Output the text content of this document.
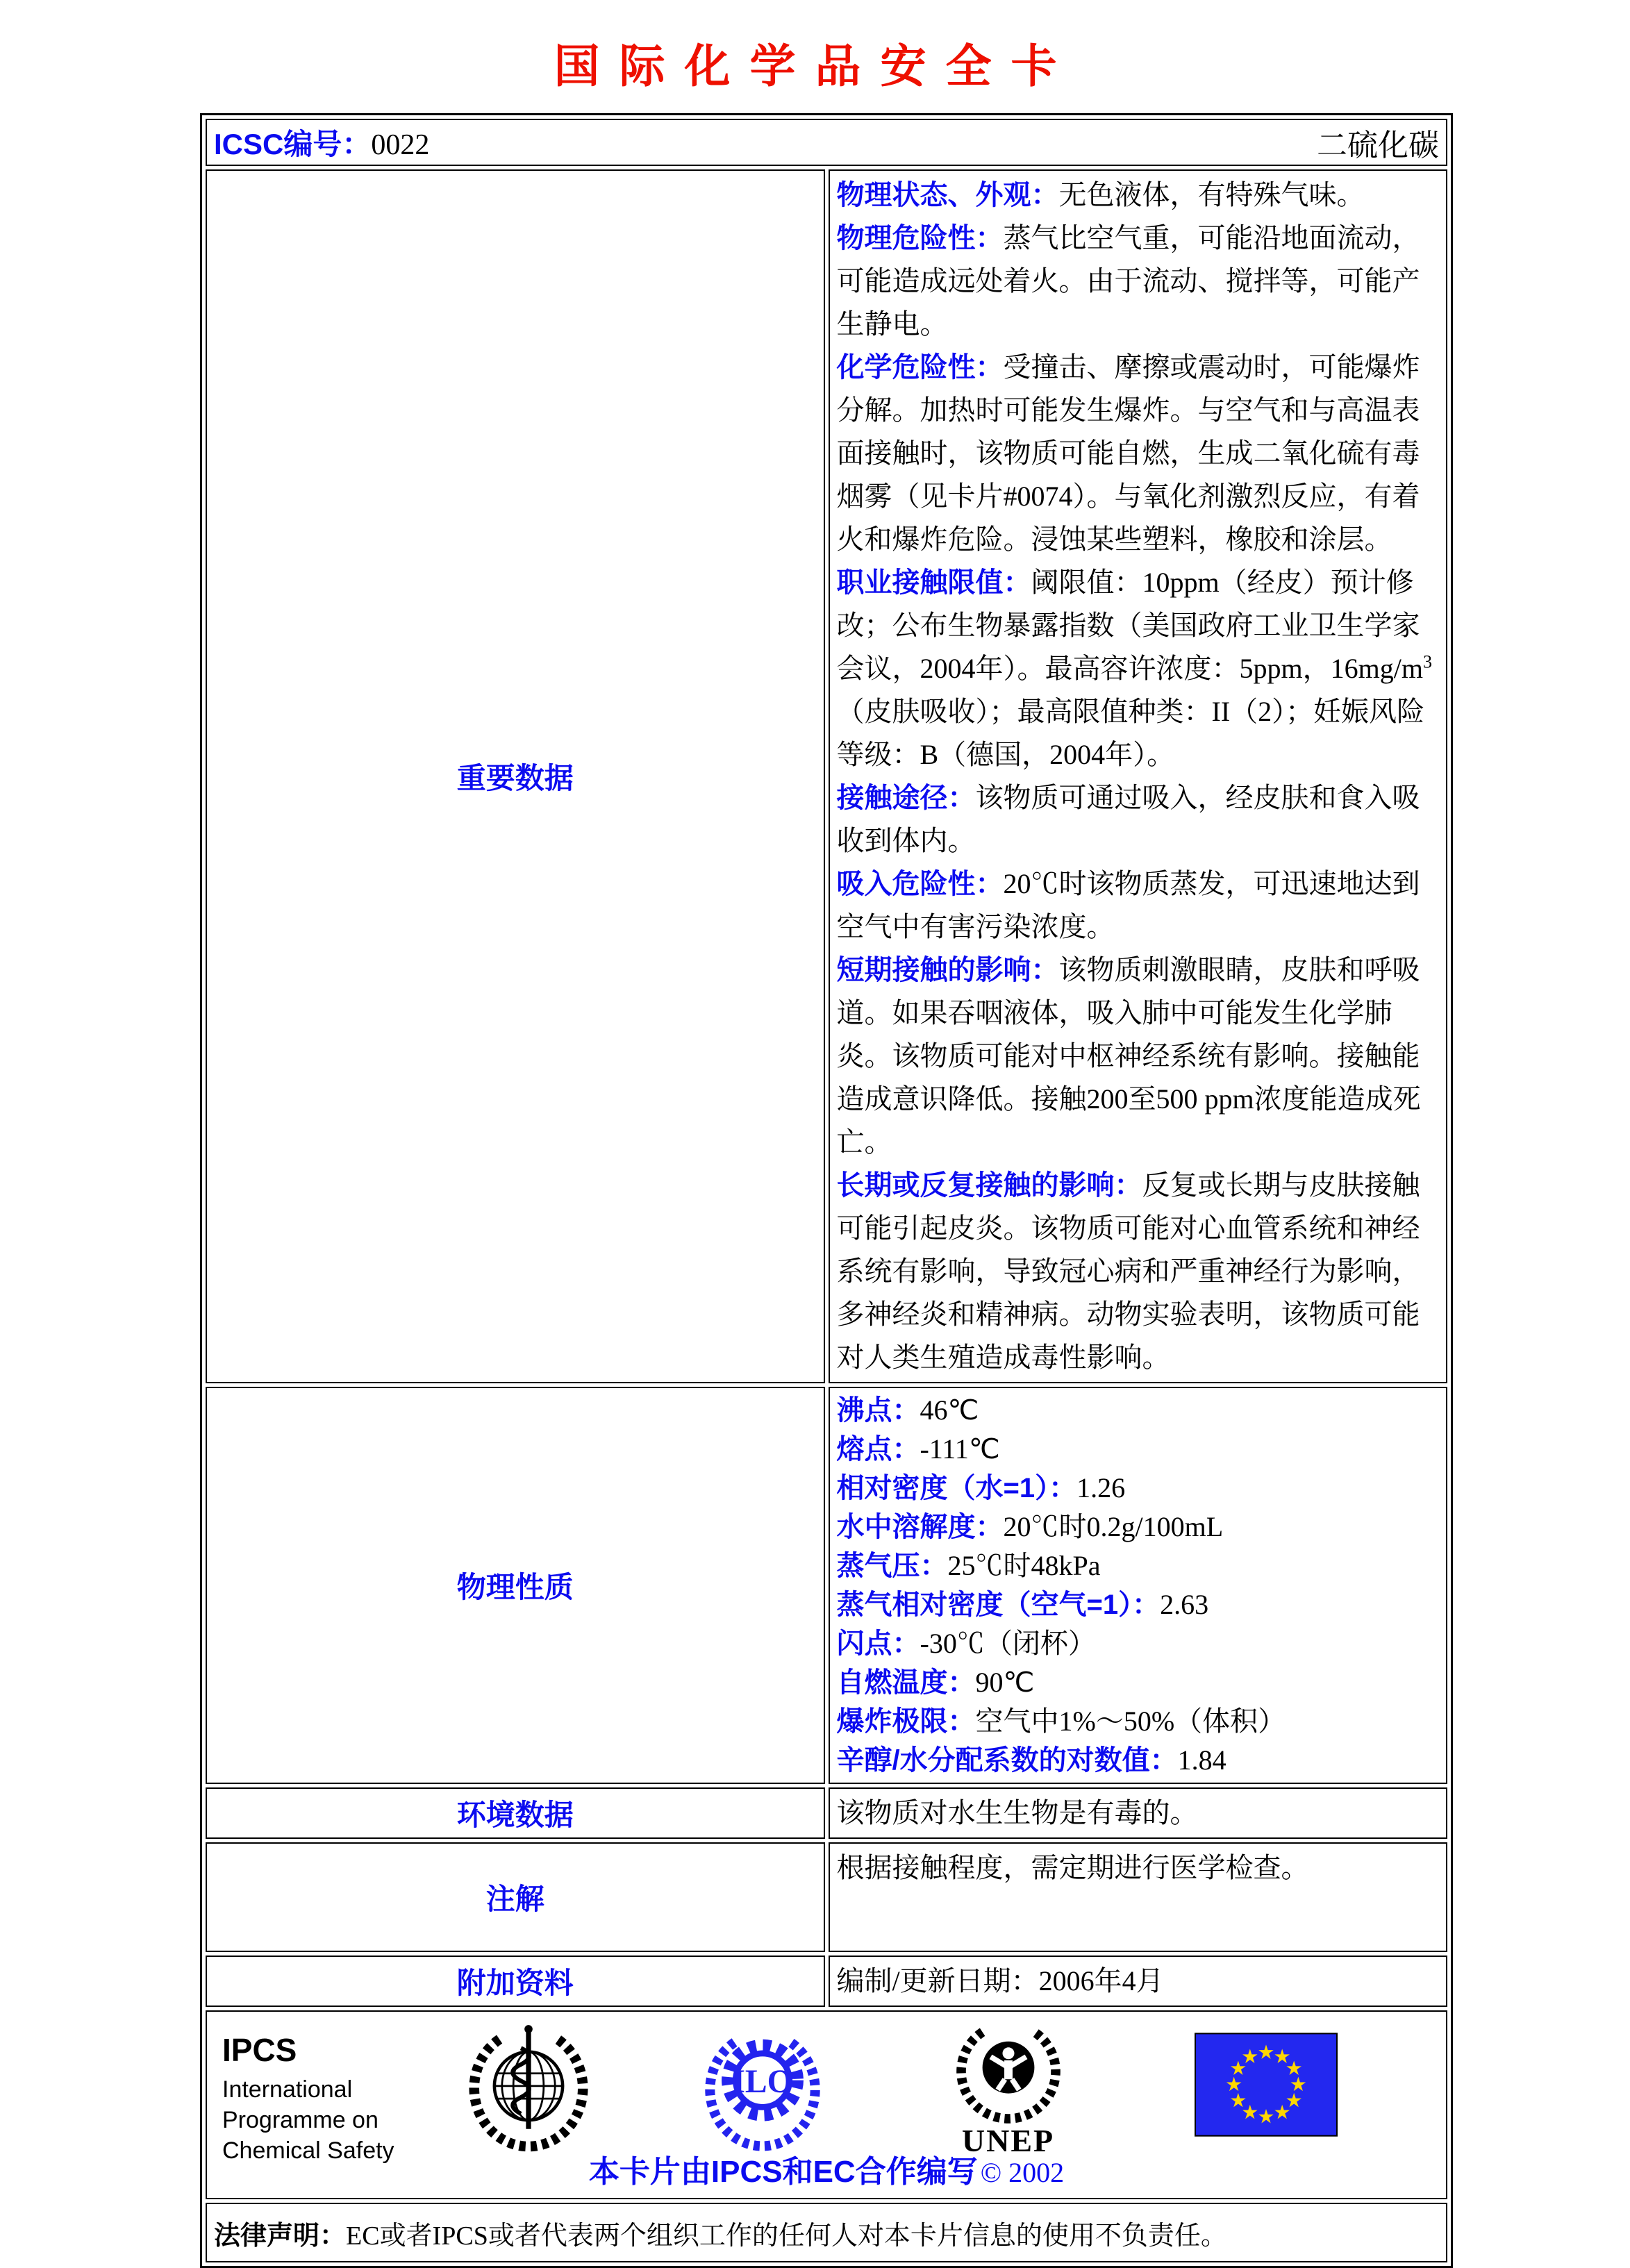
国际化学品安全卡
ICSC编号：0022 二硫化碳	

重要数据	

物理状态、外观：无色液体，有特殊气味。

物理危险性：蒸气比空气重，可能沿地面流动，可能造成远处着火。由于流动、搅拌等，可能产生静电。

化学危险性：受撞击、摩擦或震动时，可能爆炸分解。加热时可能发生爆炸。与空气和与高温表面接触时，该物质可能自燃，生成二氧化硫有毒烟雾（见卡片#0074）。与氧化剂激烈反应，有着火和爆炸危险。浸蚀某些塑料，橡胶和涂层。

职业接触限值：阈限值：10ppm（经皮）预计修改；公布生物暴露指数（美国政府工业卫生学家会议，2004年）。最高容许浓度：5ppm，$16mg/m^3$（皮肤吸收）；最高限值种类：II（2）；妊娠风险等级：B（德国，2004年）。

接触途径：该物质可通过吸入，经皮肤和食入吸收到体内。

吸入危险性：20℃时该物质蒸发，可迅速地达到空气中有害污染浓度。

短期接触的影响：该物质刺激眼睛，皮肤和呼吸道。如果吞咽液体，吸入肺中可能发生化学肺炎。该物质可能对中枢神经系统有影响。接触能造成意识降低。接触200至500 ppm浓度能造成死亡。

长期或反复接触的影响：反复或长期与皮肤接触可能引起皮炎。该物质可能对心血管系统和神经系统有影响，导致冠心病和严重神经行为影响，多神经炎和精神病。动物实验表明，该物质可能对人类生殖造成毒性影响。

物理性质	

沸点：46℃

熔点：-111℃

相对密度（水=1）：1.26

水中溶解度：20℃时0.2g/100mL

蒸气压：25℃时48kPa

蒸气相对密度（空气=1）：2.63

闪点：-30℃（闭杯）

自燃温度：90℃

爆炸极限：空气中1%～50%（体积）

辛醇/水分配系数的对数值：1.84

环境数据	该物质对水生生物是有毒的。

注解	根据接触程度，需定期进行医学检查。

附加资料	编制/更新日期：2006年4月

IPCS
International
Programme on
Chemical Safety
ILO
UNEP
本卡片由IPCS和EC合作编写 © 2002

法律声明：EC或者IPCS或者代表两个组织工作的任何人对本卡片信息的使用不负责任。	
